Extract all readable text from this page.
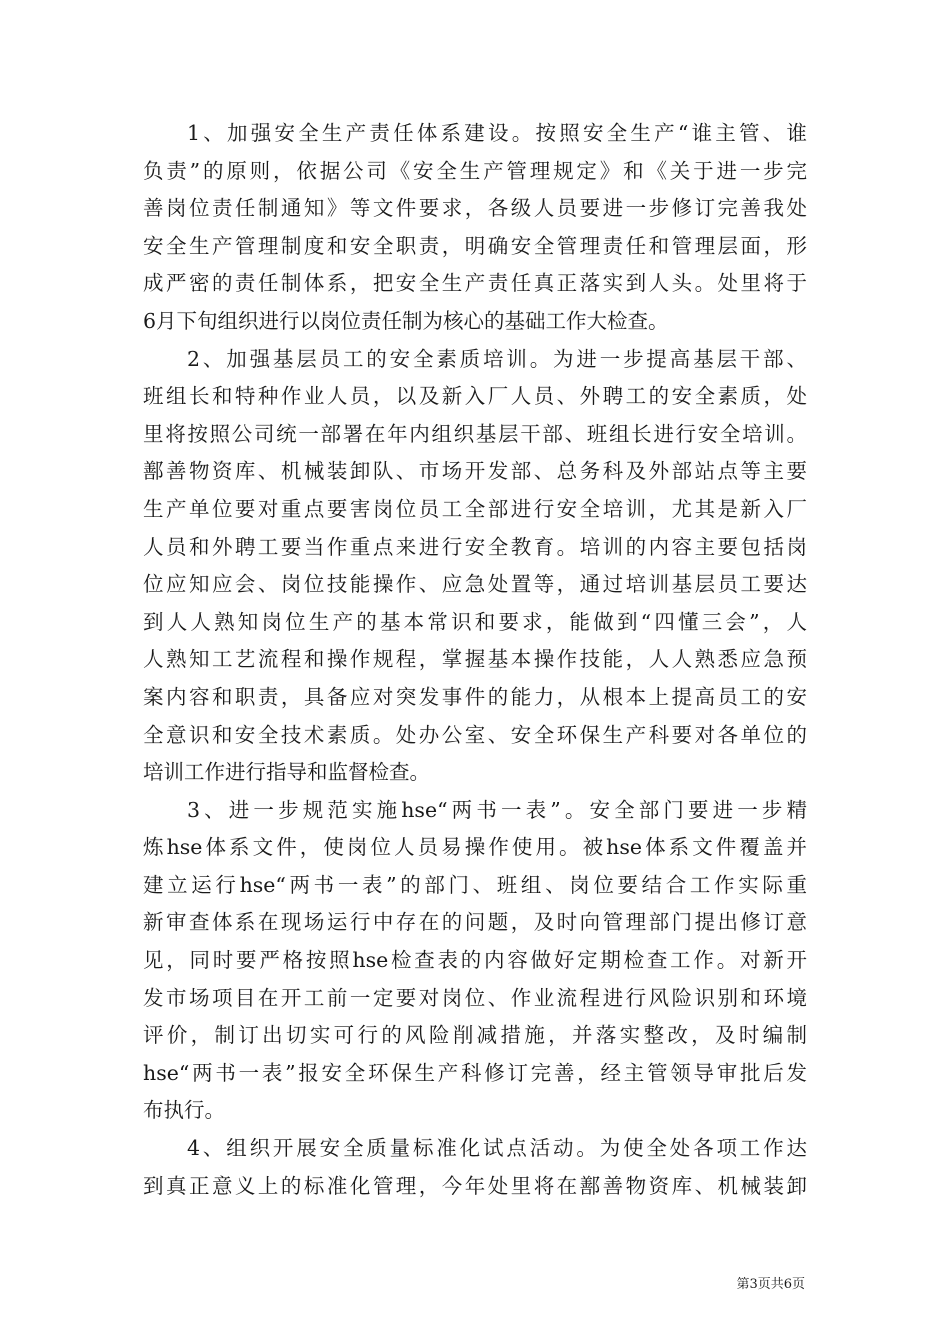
1、加强安全生产责任体系建设。按照安全生产“谁主管、谁
负责”的原则，依据公司《安全生产管理规定》和《关于进一步完
善岗位责任制通知》等文件要求，各级人员要进一步修订完善我处
安全生产管理制度和安全职责，明确安全管理责任和管理层面，形
成严密的责任制体系，把安全生产责任真正落实到人头。处里将于
6月下旬组织进行以岗位责任制为核心的基础工作大检查。
2、加强基层员工的安全素质培训。为进一步提高基层干部、
班组长和特种作业人员，以及新入厂人员、外聘工的安全素质，处
里将按照公司统一部署在年内组织基层干部、班组长进行安全培训。
鄯善物资库、机械装卸队、市场开发部、总务科及外部站点等主要
生产单位要对重点要害岗位员工全部进行安全培训，尤其是新入厂
人员和外聘工要当作重点来进行安全教育。培训的内容主要包括岗
位应知应会、岗位技能操作、应急处置等，通过培训基层员工要达
到人人熟知岗位生产的基本常识和要求，能做到“四懂三会”，人
人熟知工艺流程和操作规程，掌握基本操作技能，人人熟悉应急预
案内容和职责，具备应对突发事件的能力，从根本上提高员工的安
全意识和安全技术素质。处办公室、安全环保生产科要对各单位的
培训工作进行指导和监督检查。
3、进一步规范实施hse“两书一表”。安全部门要进一步精
炼hse体系文件，使岗位人员易操作使用。被hse体系文件覆盖并
建立运行hse“两书一表”的部门、班组、岗位要结合工作实际重
新审查体系在现场运行中存在的问题，及时向管理部门提出修订意
见，同时要严格按照hse检查表的内容做好定期检查工作。对新开
发市场项目在开工前一定要对岗位、作业流程进行风险识别和环境
评价，制订出切实可行的风险削减措施，并落实整改，及时编制
hse“两书一表”报安全环保生产科修订完善，经主管领导审批后发
布执行。
4、组织开展安全质量标准化试点活动。为使全处各项工作达
到真正意义上的标准化管理，今年处里将在鄯善物资库、机械装卸
第3页共6页
